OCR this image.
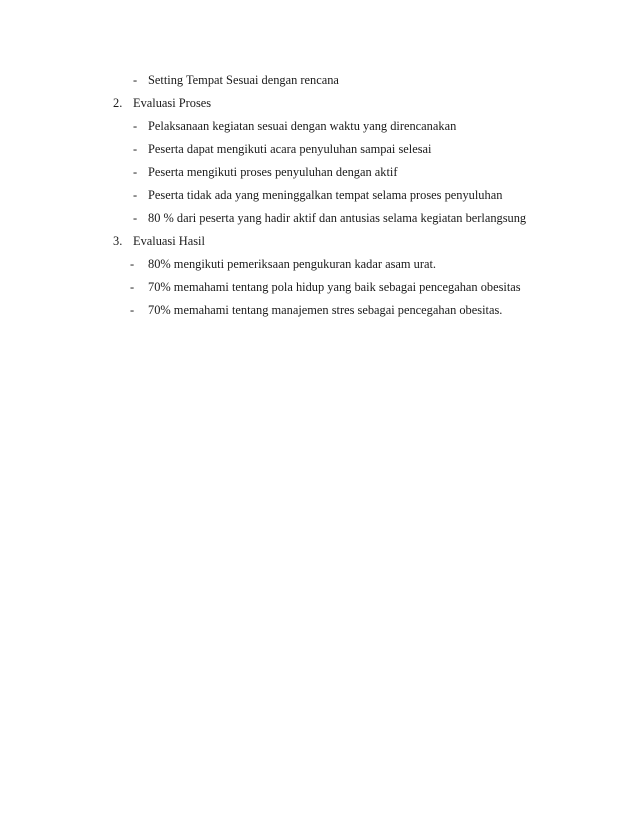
- Setting Tempat Sesuai dengan rencana
2. Evaluasi Proses
- Pelaksanaan kegiatan sesuai dengan waktu yang direncanakan
- Peserta dapat mengikuti acara penyuluhan sampai selesai
- Peserta mengikuti proses penyuluhan dengan aktif
- Peserta tidak ada yang meninggalkan tempat selama proses penyuluhan
- 80 % dari peserta yang hadir aktif dan antusias selama kegiatan berlangsung
3. Evaluasi Hasil
- 80% mengikuti pemeriksaan pengukuran kadar asam urat.
- 70% memahami tentang pola hidup yang baik sebagai pencegahan obesitas
- 70% memahami tentang manajemen stres sebagai pencegahan obesitas.
